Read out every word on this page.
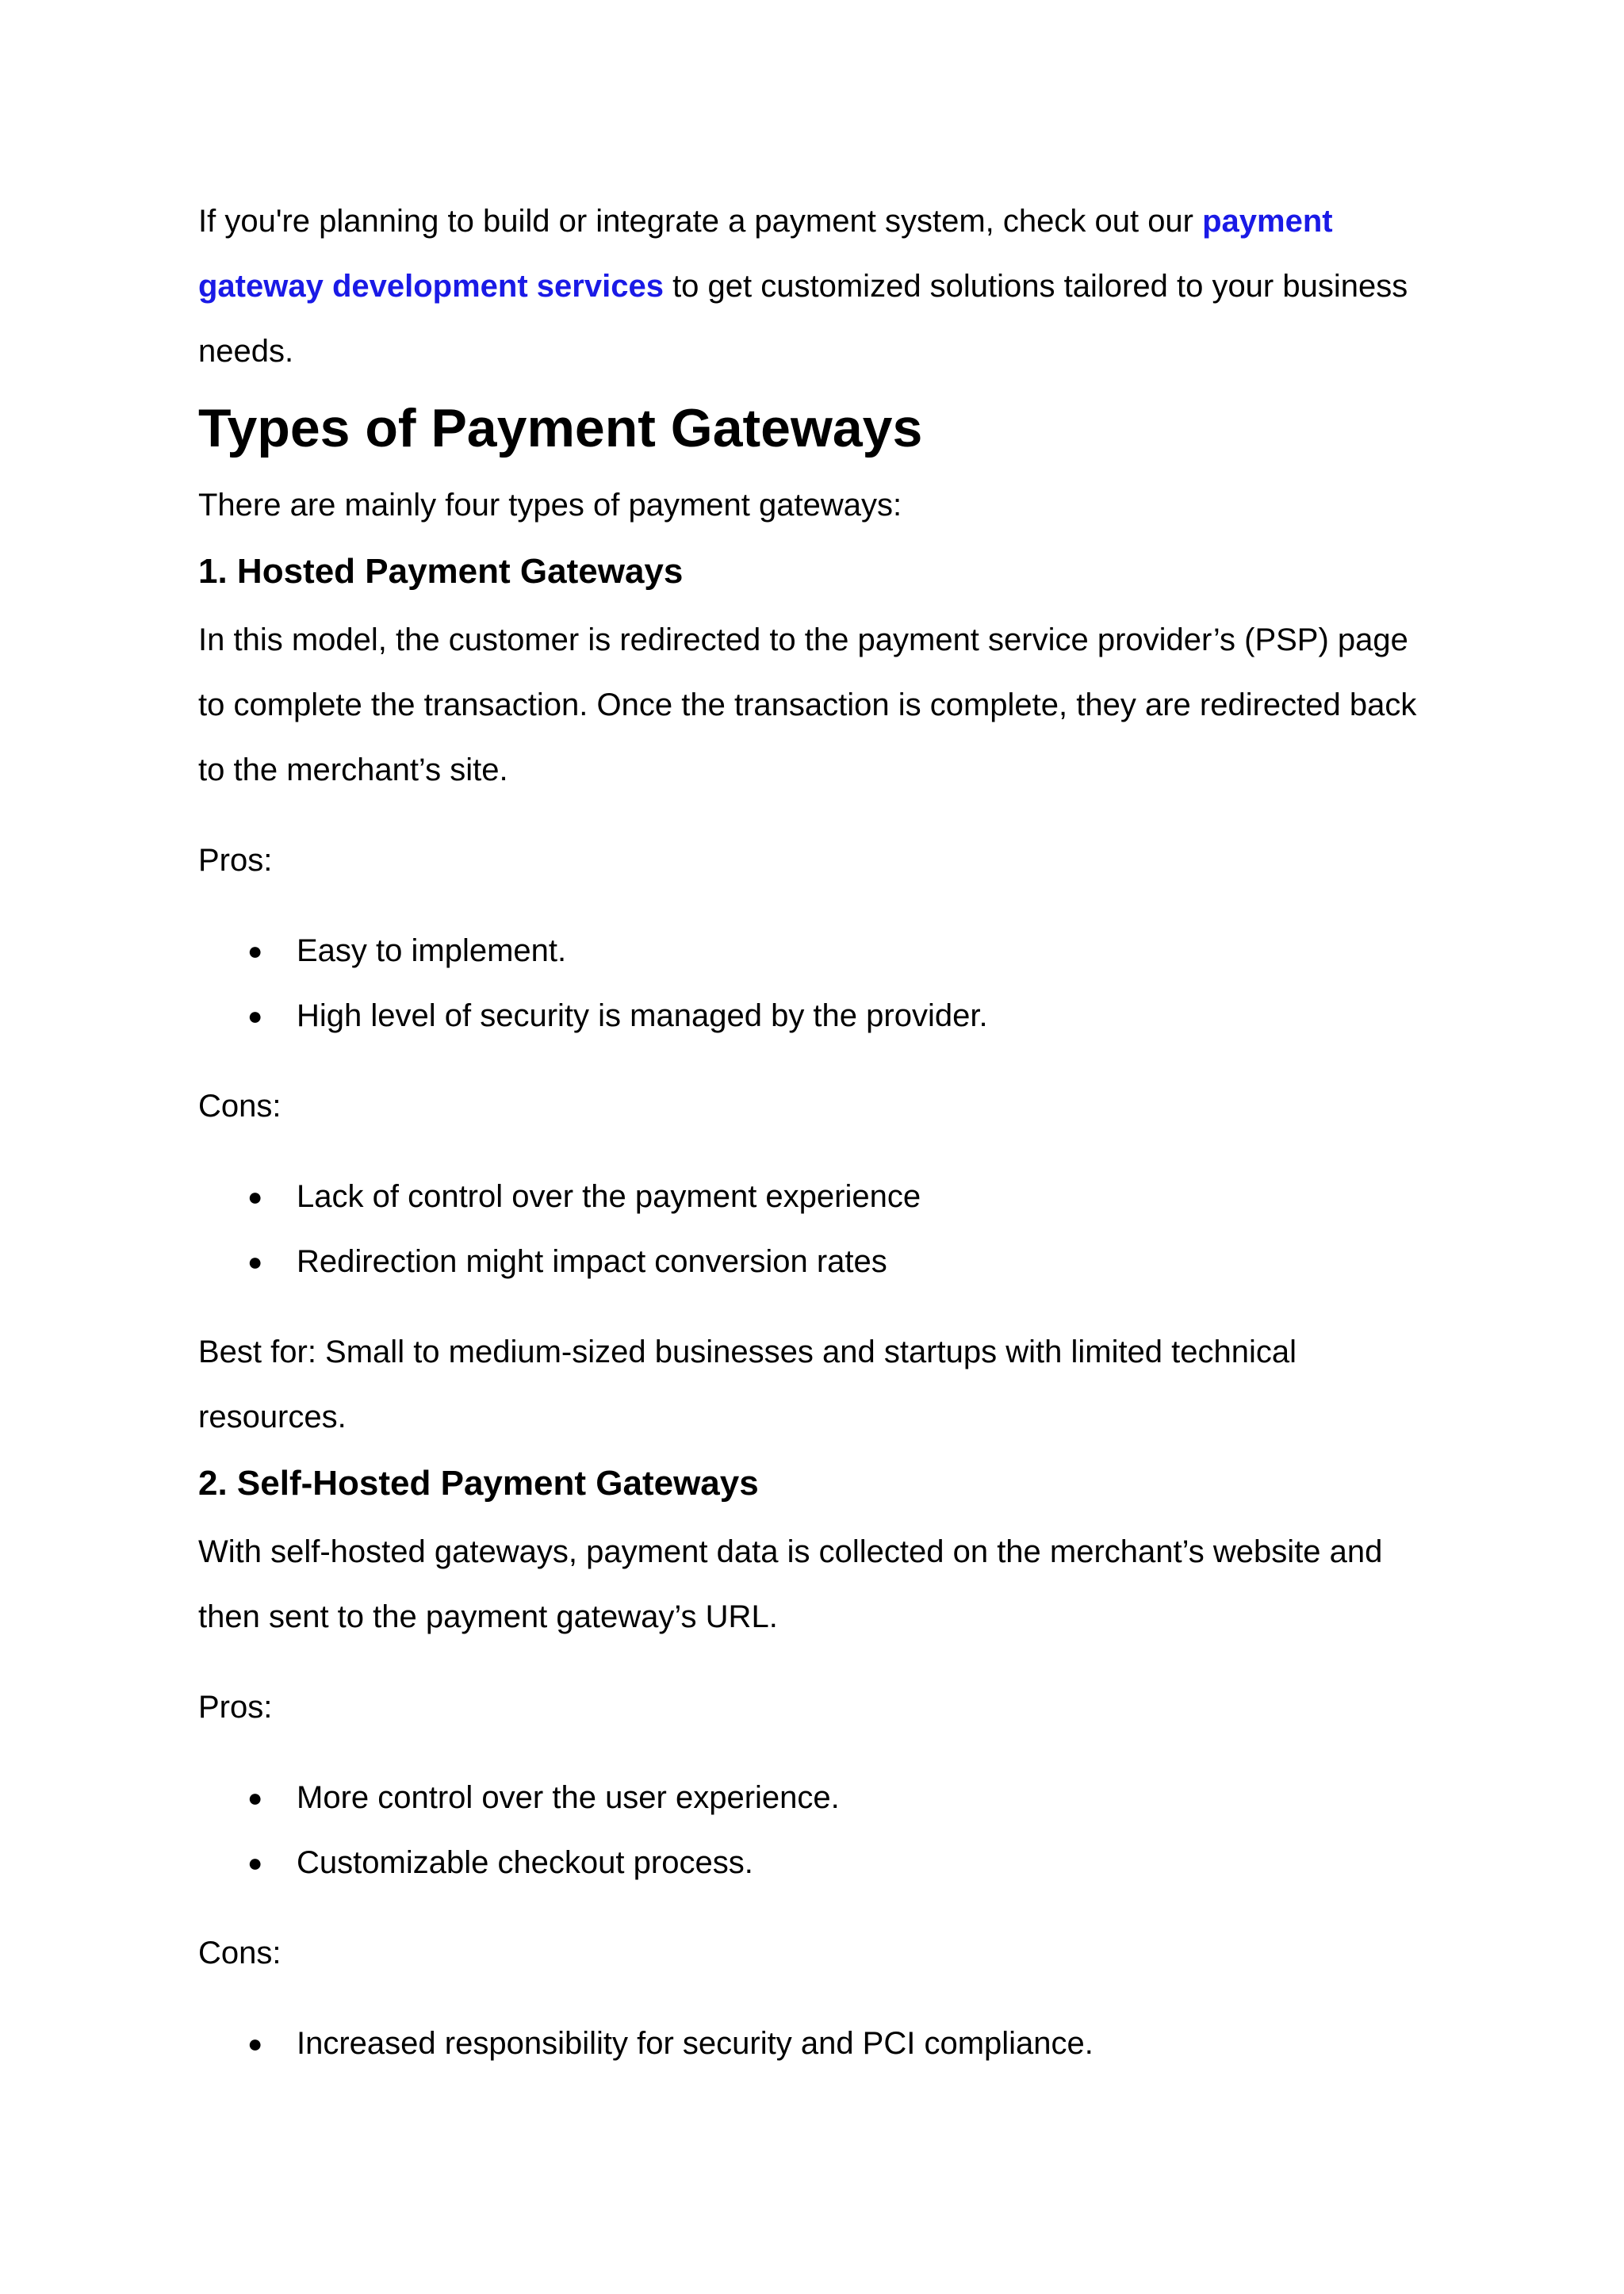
If you're planning to build or integrate a payment system, check out our payment gateway development services to get customized solutions tailored to your business needs.

Types of Payment Gateways

There are mainly four types of payment gateways:

1. Hosted Payment Gateways

In this model, the customer is redirected to the payment service provider’s (PSP) page to complete the transaction. Once the transaction is complete, they are redirected back to the merchant’s site.

Pros:

● Easy to implement.
● High level of security is managed by the provider.

Cons:

● Lack of control over the payment experience
● Redirection might impact conversion rates

Best for: Small to medium-sized businesses and startups with limited technical resources.

2. Self-Hosted Payment Gateways

With self-hosted gateways, payment data is collected on the merchant’s website and then sent to the payment gateway’s URL.

Pros:

● More control over the user experience.
● Customizable checkout process.

Cons:

● Increased responsibility for security and PCI compliance.
